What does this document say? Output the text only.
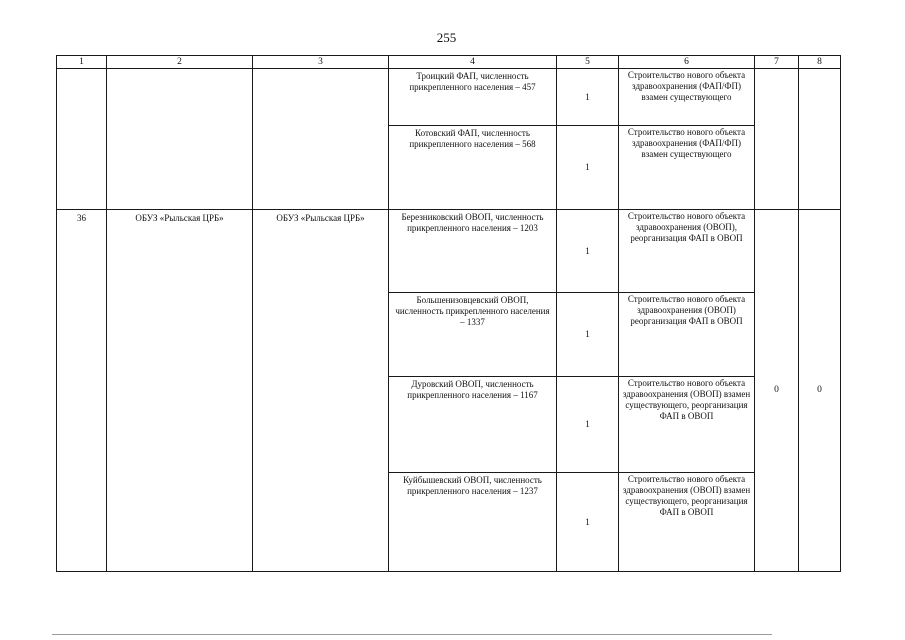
255
1	2	3	4	5	6	7	8
			Троицкий ФАП, численность прикрепленного населения – 457	1	Строительство нового объекта здравоохранения (ФАП/ФП) взамен существующего		
			Котовский ФАП, численность прикрепленного населения – 568	1	Строительство нового объекта здравоохранения (ФАП/ФП) взамен существующего		
36	ОБУЗ «Рыльская ЦРБ»	ОБУЗ «Рыльская ЦРБ»	Березниковский ОВОП, численность прикрепленного населения – 1203	1	Строительство нового объекта здравоохранения (ОВОП), реорганизация ФАП в ОВОП	0	0
			Большенизовцевский ОВОП, численность прикрепленного населения – 1337	1	Строительство нового объекта здравоохранения (ОВОП) реорганизация ФАП в ОВОП		
			Дуровский ОВОП, численность прикрепленного населения – 1167	1	Строительство нового объекта здравоохранения (ОВОП) взамен существующего, реорганизация ФАП в ОВОП		
			Куйбышевский ОВОП, численность прикрепленного населения – 1237	1	Строительство нового объекта здравоохранения (ОВОП) взамен существующего, реорганизация ФАП в ОВОП		
